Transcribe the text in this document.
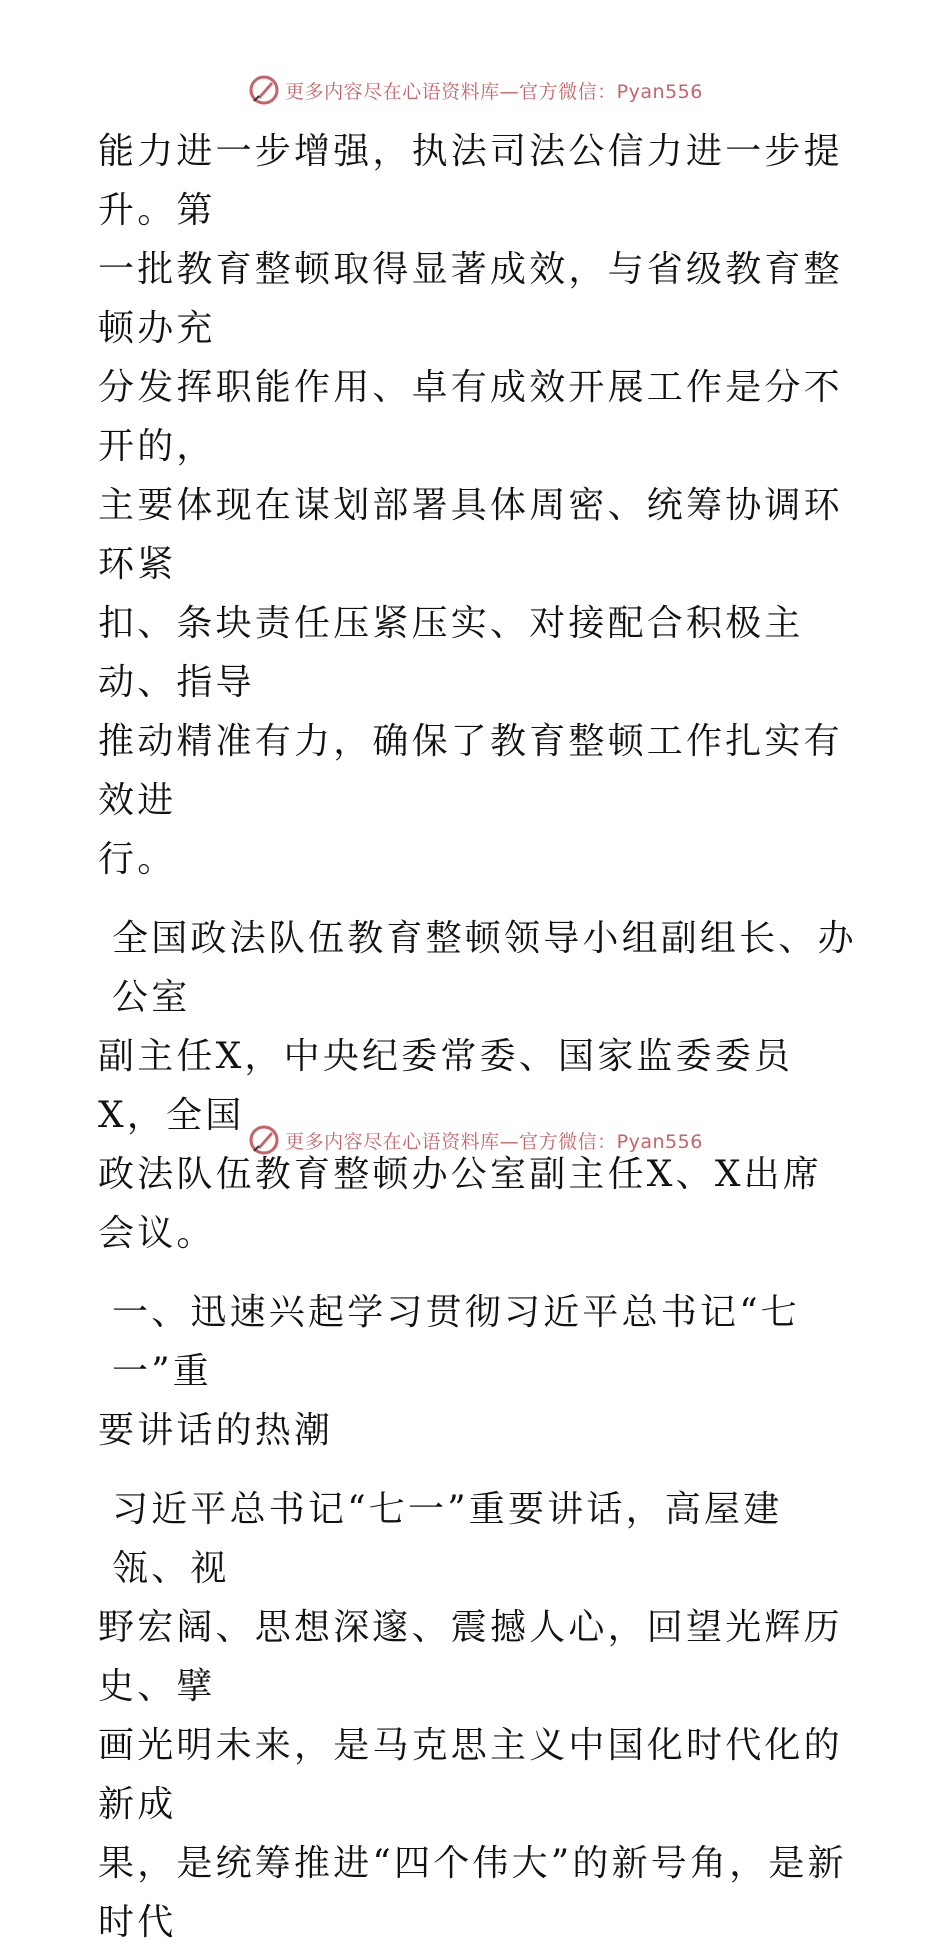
更多内容尽在心语资料库—官方微信：Pyan556
能力进一步增强，执法司法公信力进一步提升。第
一批教育整顿取得显著成效，与省级教育整顿办充
分发挥职能作用、卓有成效开展工作是分不开的，
主要体现在谋划部署具体周密、统筹协调环环紧
扣、条块责任压紧压实、对接配合积极主动、指导
推动精准有力，确保了教育整顿工作扎实有效进
行。
全国政法队伍教育整顿领导小组副组长、办公室
副主任X，中央纪委常委、国家监委委员X，全国
政法队伍教育整顿办公室副主任X、X出席会议。
一、迅速兴起学习贯彻习近平总书记“七一”重
要讲话的热潮
习近平总书记“七一”重要讲话，高屋建瓴、视
野宏阔、思想深邃、震撼人心，回望光辉历史、擘
画光明未来，是马克思主义中国化时代化的新成
果，是统筹推进“四个伟大”的新号角，是新时代
更多内容尽在心语资料库—官方微信：Pyan556
